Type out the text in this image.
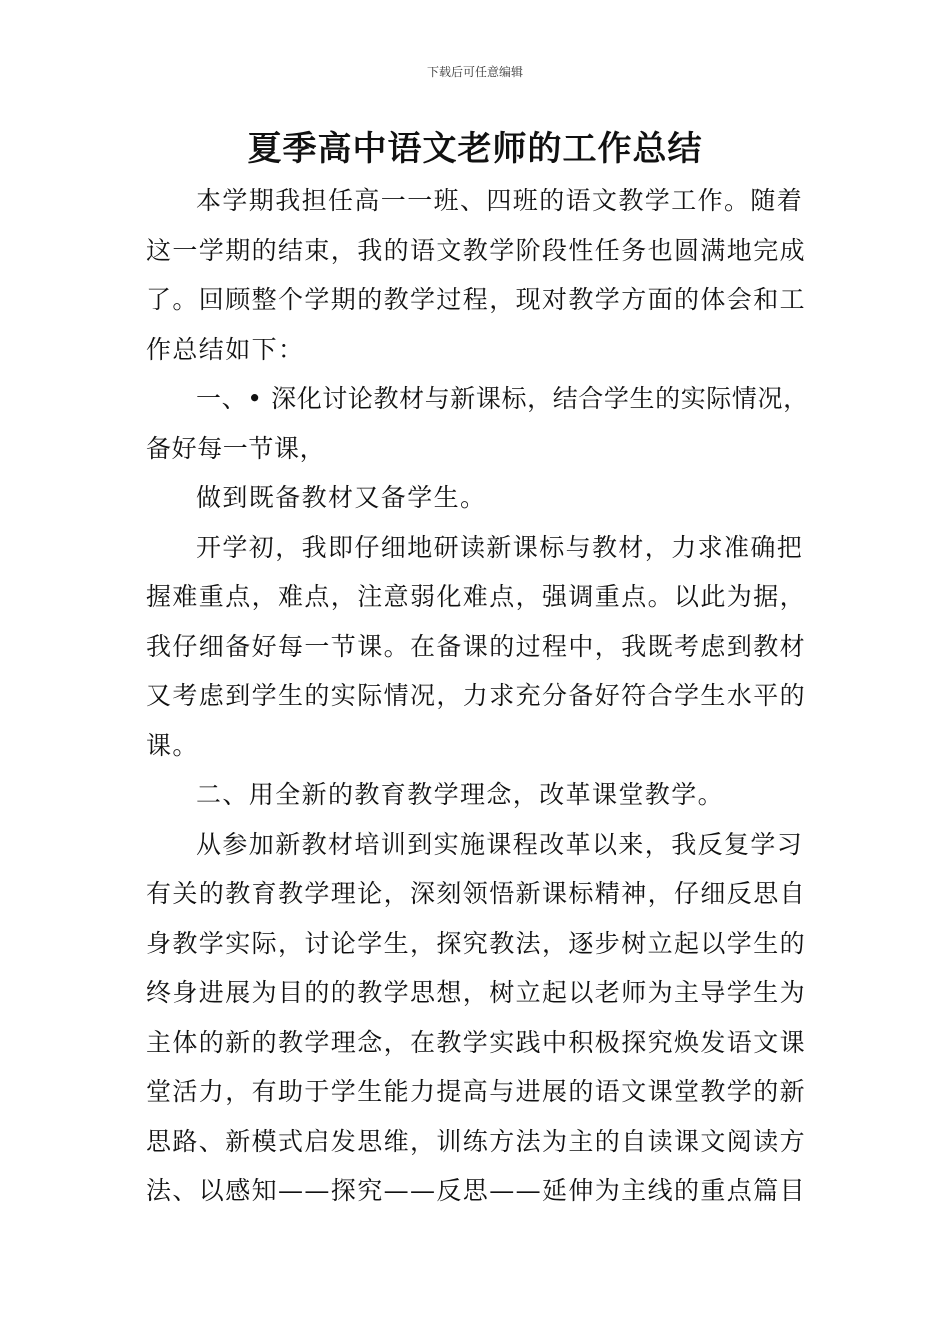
下载后可任意编辑
夏季高中语文老师的工作总结

本学期我担任高一一班、四班的语文教学工作。随着这一学期的结束，我的语文教学阶段性任务也圆满地完成了。回顾整个学期的教学过程，现对教学方面的体会和工作总结如下：

一、• 深化讨论教材与新课标，结合学生的实际情况，备好每一节课，

做到既备教材又备学生。

开学初，我即仔细地研读新课标与教材，力求准确把握难重点，难点，注意弱化难点，强调重点。以此为据，我仔细备好每一节课。在备课的过程中，我既考虑到教材又考虑到学生的实际情况，力求充分备好符合学生水平的课。

二、用全新的教育教学理念，改革课堂教学。

从参加新教材培训到实施课程改革以来，我反复学习有关的教育教学理论，深刻领悟新课标精神，仔细反思自身教学实际，讨论学生，探究教法，逐步树立起以学生的终身进展为目的的教学思想，树立起以老师为主导学生为主体的新的教学理念，在教学实践中积极探究焕发语文课堂活力，有助于学生能力提高与进展的语文课堂教学的新思路、新模式启发思维，训练方法为主的自读课文阅读方法、以感知——探究——反思——延伸为主线的重点篇目
